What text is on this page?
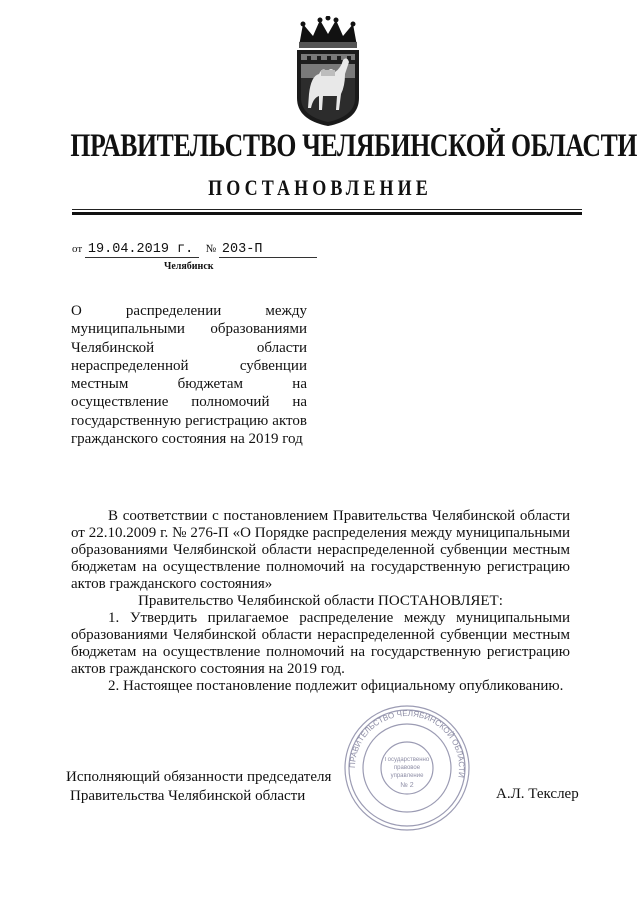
ПРАВИТЕЛЬСТВО ЧЕЛЯБИНСКОЙ ОБЛАСТИ
ПОСТАНОВЛЕНИЕ
от 19.04.2019 г. № 203-П
Челябинск
О распределении между муниципальными образованиями Челябинской области нераспределенной субвенции местным бюджетам на осуществление полномочий на государственную регистрацию актов гражданского состояния на 2019 год

В соответствии с постановлением Правительства Челябинской области от 22.10.2009 г. № 276-П «О Порядке распределения между муниципальными образованиями Челябинской области нераспределенной субвенции местным бюджетам на осуществление полномочий на государственную регистрацию актов гражданского состояния»

Правительство Челябинской области ПОСТАНОВЛЯЕТ:

1. Утвердить прилагаемое распределение между муниципальными образованиями Челябинской области нераспределенной субвенции местным бюджетам на осуществление полномочий на государственную регистрацию актов гражданского состояния на 2019 год.

2. Настоящее постановление подлежит официальному опубликованию.

ПРАВИТЕЛЬСТВО ЧЕЛЯБИНСКОЙ ОБЛАСТИ
Государственно
правовое
управление
№ 2
Исполняющий обязанности председателя
Правительства Челябинской области	А.Л. Текслер
